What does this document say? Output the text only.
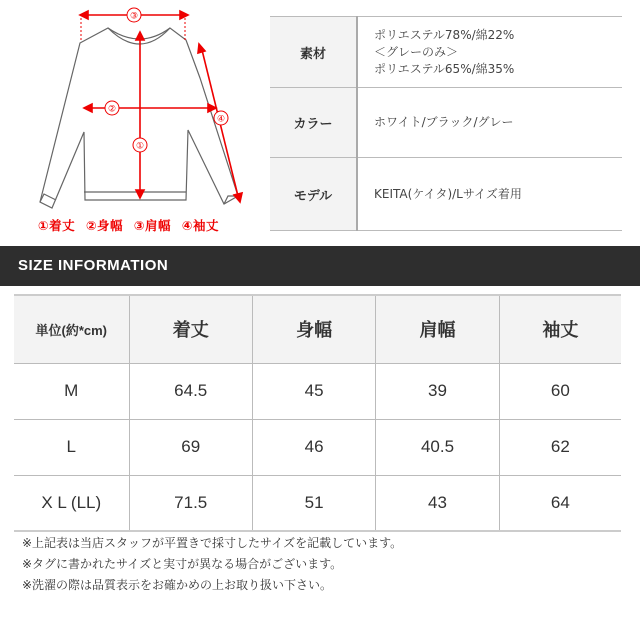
③
②
①
④
①着丈 ②身幅 ③肩幅 ④袖丈
素材	ポリエステル78%/綿22%
＜グレーのみ＞
ポリエステル65%/綿35%

カラー	ホワイト/ブラック/グレー

モデル	KEITA(ケイタ)/Lサイズ着用
SIZE INFORMATION
単位(約*cm)	着丈	身幅	肩幅	袖丈
M	64.5	45	39	60
L	69	46	40.5	62
X L (LL)	71.5	51	43	64
※上記表は当店スタッフが平置きで採寸したサイズを記載しています。
※タグに書かれたサイズと実寸が異なる場合がございます。
※洗濯の際は品質表示をお確かめの上お取り扱い下さい。
